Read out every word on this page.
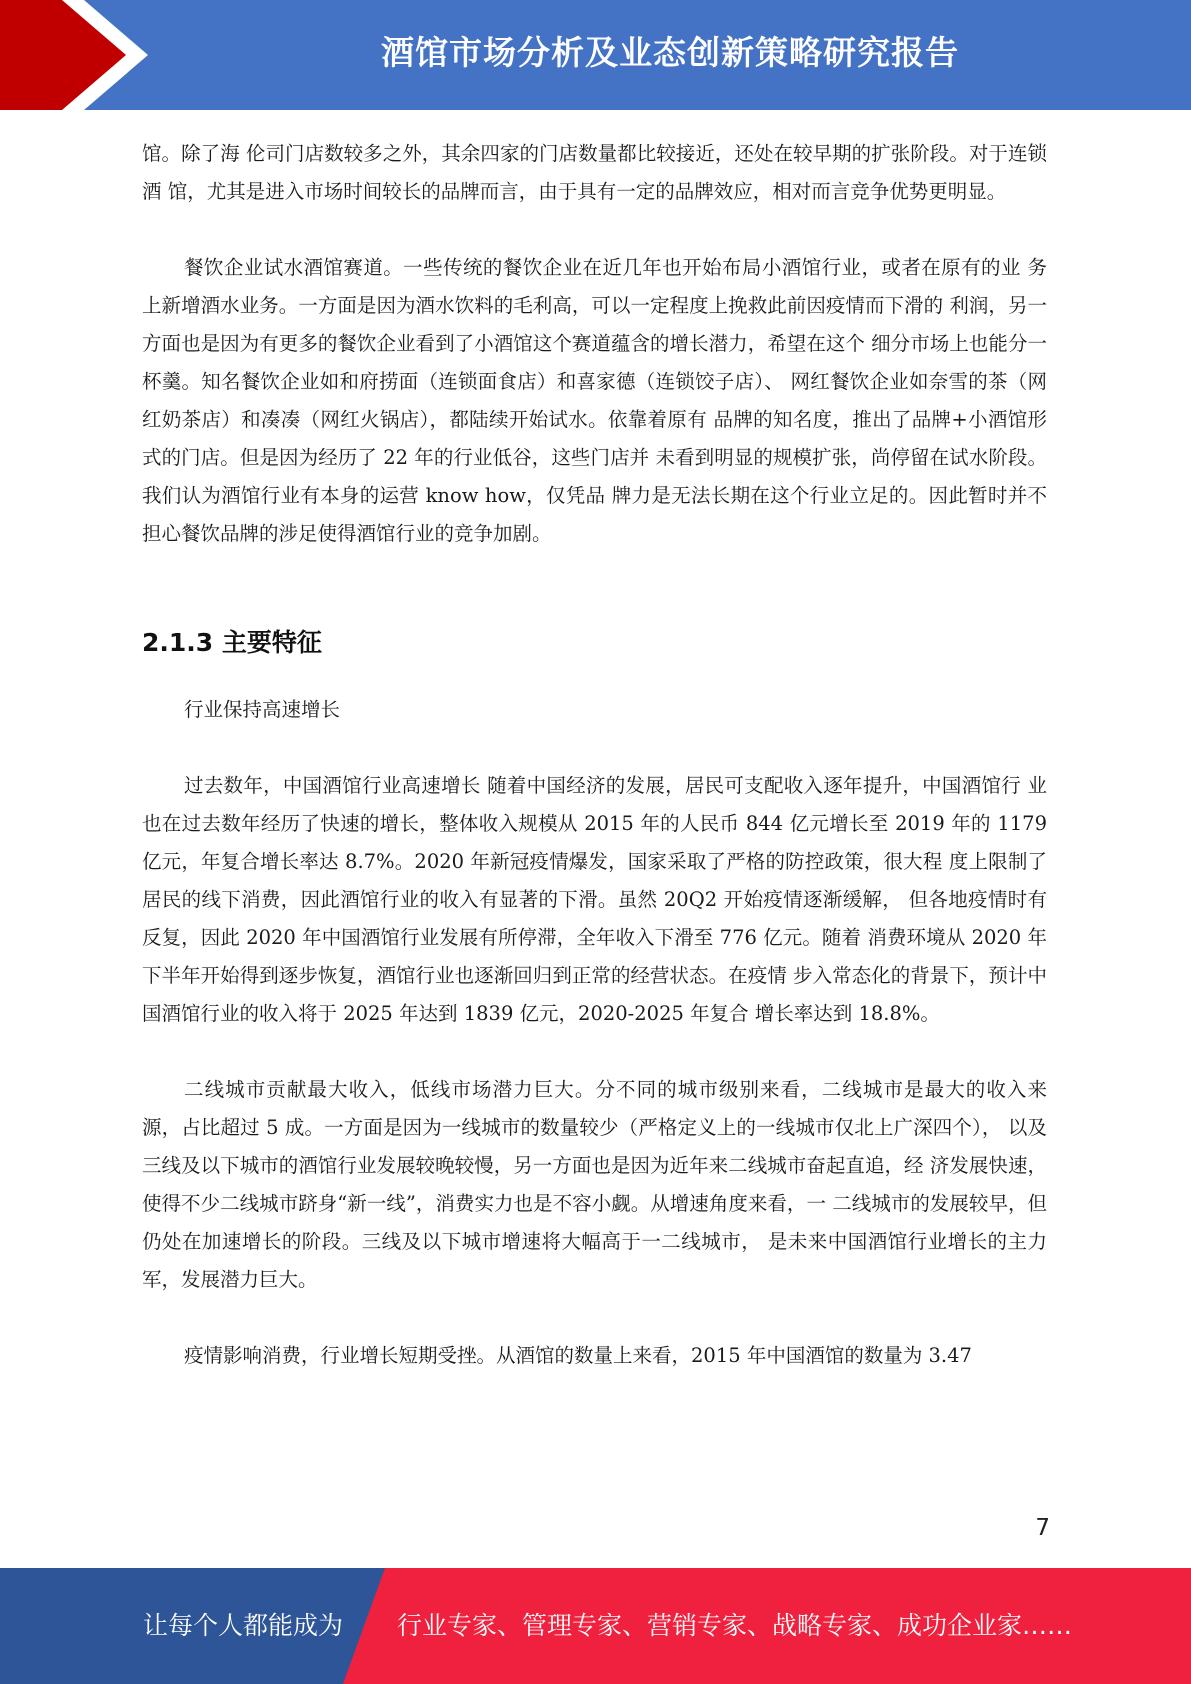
酒馆市场分析及业态创新策略研究报告

馆。除了海 伦司门店数较多之外，其余四家的门店数量都比较接近，还处在较早期的扩张阶段。对于连锁酒 馆，尤其是进入市场时间较长的品牌而言，由于具有一定的品牌效应，相对而言竞争优势更明显。

餐饮企业试水酒馆赛道。一些传统的餐饮企业在近几年也开始布局小酒馆行业，或者在原有的业 务上新增酒水业务。一方面是因为酒水饮料的毛利高，可以一定程度上挽救此前因疫情而下滑的 利润，另一方面也是因为有更多的餐饮企业看到了小酒馆这个赛道蕴含的增长潜力，希望在这个 细分市场上也能分一杯羹。知名餐饮企业如和府捞面（连锁面食店）和喜家德（连锁饺子店）、 网红餐饮企业如奈雪的茶（网红奶茶店）和凑凑（网红火锅店），都陆续开始试水。依靠着原有 品牌的知名度，推出了品牌+小酒馆形式的门店。但是因为经历了 22 年的行业低谷，这些门店并 未看到明显的规模扩张，尚停留在试水阶段。我们认为酒馆行业有本身的运营 know how，仅凭品 牌力是无法长期在这个行业立足的。因此暂时并不担心餐饮品牌的涉足使得酒馆行业的竞争加剧。

2.1.3 主要特征

行业保持高速增长

过去数年，中国酒馆行业高速增长 随着中国经济的发展，居民可支配收入逐年提升，中国酒馆行 业也在过去数年经历了快速的增长，整体收入规模从 2015 年的人民币 844 亿元增长至 2019 年的 1179 亿元，年复合增长率达 8.7%。2020 年新冠疫情爆发，国家采取了严格的防控政策，很大程 度上限制了居民的线下消费，因此酒馆行业的收入有显著的下滑。虽然 20Q2 开始疫情逐渐缓解， 但各地疫情时有反复，因此 2020 年中国酒馆行业发展有所停滞，全年收入下滑至 776 亿元。随着 消费环境从 2020 年下半年开始得到逐步恢复，酒馆行业也逐渐回归到正常的经营状态。在疫情 步入常态化的背景下，预计中国酒馆行业的收入将于 2025 年达到 1839 亿元，2020-2025 年复合 增长率达到 18.8%。

二线城市贡献最大收入，低线市场潜力巨大。分不同的城市级别来看，二线城市是最大的收入来 源，占比超过 5 成。一方面是因为一线城市的数量较少（严格定义上的一线城市仅北上广深四个）， 以及三线及以下城市的酒馆行业发展较晚较慢，另一方面也是因为近年来二线城市奋起直追，经 济发展快速，使得不少二线城市跻身“新一线”，消费实力也是不容小觑。从增速角度来看，一 二线城市的发展较早，但仍处在加速增长的阶段。三线及以下城市增速将大幅高于一二线城市， 是未来中国酒馆行业增长的主力军，发展潜力巨大。

疫情影响消费，行业增长短期受挫。从酒馆的数量上来看，2015 年中国酒馆的数量为 3.47

7
让每个人都能成为 行业专家、管理专家、营销专家、战略专家、成功企业家……
